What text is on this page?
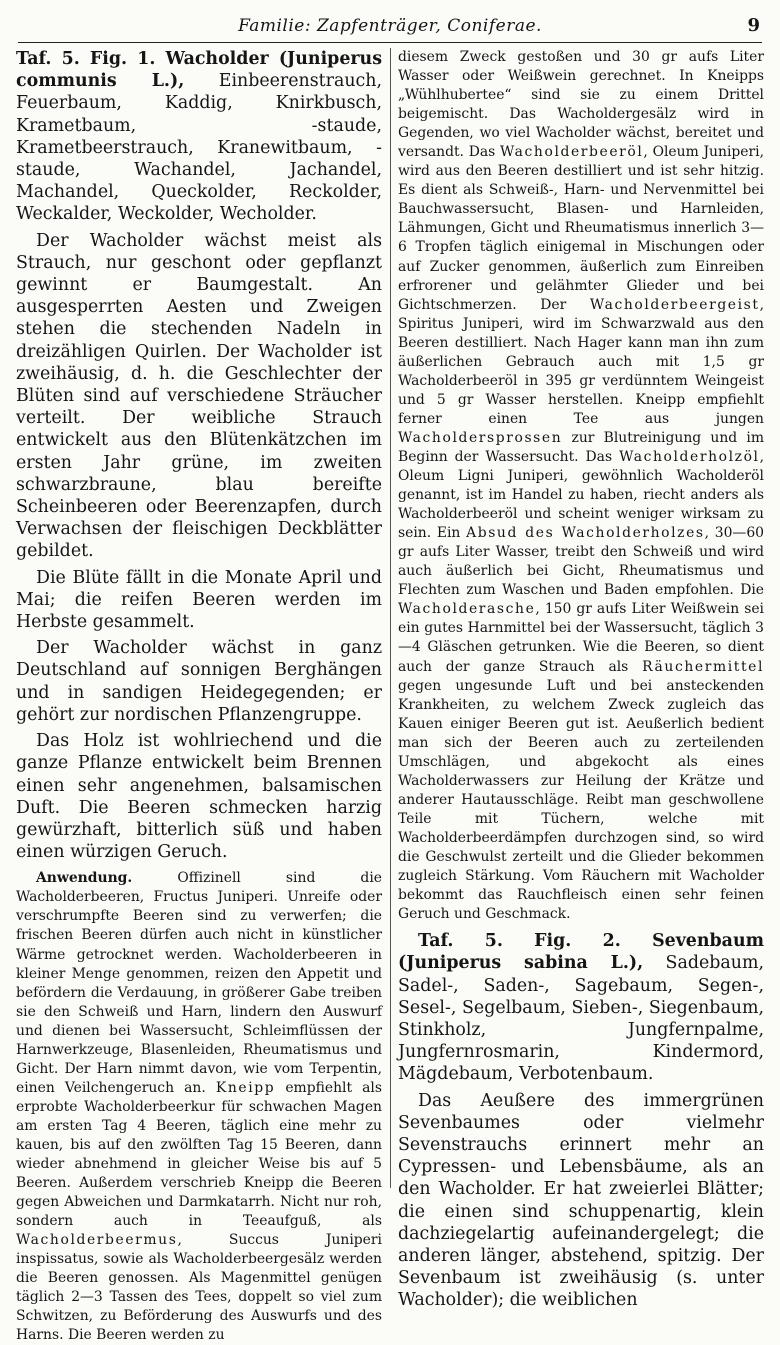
Familie: Zapfenträger, Coniferae.	9

Taf. 5. Fig. 1. Wacholder (Juniperus communis L.), Einbeerenstrauch, Feuerbaum, Kaddig, Knirkbusch, Krametbaum, -staude, Krametbeerstrauch, Kranewitbaum, -staude, Wachandel, Jachandel, Machandel, Queckolder, Reckolder, Weckalder, Weckolder, Wecholder.

Der Wacholder wächst meist als Strauch, nur geschont oder gepflanzt gewinnt er Baumgestalt. An ausgesperrten Aesten und Zweigen stehen die stechenden Nadeln in dreizähligen Quirlen. Der Wacholder ist zweihäusig, d. h. die Geschlechter der Blüten sind auf verschiedene Sträucher verteilt. Der weibliche Strauch entwickelt aus den Blütenkätzchen im ersten Jahr grüne, im zweiten schwarzbraune, blau bereifte Scheinbeeren oder Beerenzapfen, durch Verwachsen der fleischigen Deckblätter gebildet.

Die Blüte fällt in die Monate April und Mai; die reifen Beeren werden im Herbste gesammelt.

Der Wacholder wächst in ganz Deutschland auf sonnigen Berghängen und in sandigen Heidegegenden; er gehört zur nordischen Pflanzengruppe.

Das Holz ist wohlriechend und die ganze Pflanze entwickelt beim Brennen einen sehr angenehmen, balsamischen Duft. Die Beeren schmecken harzig gewürzhaft, bitterlich süß und haben einen würzigen Geruch.

Anwendung. Offizinell sind die Wacholderbeeren, Fructus Juniperi. Unreife oder verschrumpfte Beeren sind zu verwerfen; die frischen Beeren dürfen auch nicht in künstlicher Wärme getrocknet werden. Wacholderbeeren in kleiner Menge genommen, reizen den Appetit und befördern die Verdauung, in größerer Gabe treiben sie den Schweiß und Harn, lindern den Auswurf und dienen bei Wassersucht, Schleimflüssen der Harnwerkzeuge, Blasenleiden, Rheumatismus und Gicht. Der Harn nimmt davon, wie vom Terpentin, einen Veilchengeruch an. Kneipp empfiehlt als erprobte Wacholderbeerkur für schwachen Magen am ersten Tag 4 Beeren, täglich eine mehr zu kauen, bis auf den zwölften Tag 15 Beeren, dann wieder abnehmend in gleicher Weise bis auf 5 Beeren. Außerdem verschrieb Kneipp die Beeren gegen Abweichen und Darmkatarrh. Nicht nur roh, sondern auch in Teeaufguß, als Wacholderbeermus, Succus Juniperi inspissatus, sowie als Wacholderbeergesälz werden die Beeren genossen. Als Magenmittel genügen täglich 2—3 Tassen des Tees, doppelt so viel zum Schwitzen, zu Beförderung des Auswurfs und des Harns. Die Beeren werden zu

diesem Zweck gestoßen und 30 gr aufs Liter Wasser oder Weißwein gerechnet. In Kneipps „Wühlhubertee“ sind sie zu einem Drittel beigemischt. Das Wacholdergesälz wird in Gegenden, wo viel Wacholder wächst, bereitet und versandt. Das Wacholderbeeröl, Oleum Juniperi, wird aus den Beeren destilliert und ist sehr hitzig. Es dient als Schweiß-, Harn- und Nervenmittel bei Bauchwassersucht, Blasen- und Harnleiden, Lähmungen, Gicht und Rheumatismus innerlich 3—6 Tropfen täglich einigemal in Mischungen oder auf Zucker genommen, äußerlich zum Einreiben erfrorener und gelähmter Glieder und bei Gichtschmerzen. Der Wacholderbeergeist, Spiritus Juniperi, wird im Schwarzwald aus den Beeren destilliert. Nach Hager kann man ihn zum äußerlichen Gebrauch auch mit 1,5 gr Wacholderbeeröl in 395 gr verdünntem Weingeist und 5 gr Wasser herstellen. Kneipp empfiehlt ferner einen Tee aus jungen Wacholdersprossen zur Blutreinigung und im Beginn der Wassersucht. Das Wacholderholzöl, Oleum Ligni Juniperi, gewöhnlich Wacholderöl genannt, ist im Handel zu haben, riecht anders als Wacholderbeeröl und scheint weniger wirksam zu sein. Ein Absud des Wacholderholzes, 30—60 gr aufs Liter Wasser, treibt den Schweiß und wird auch äußerlich bei Gicht, Rheumatismus und Flechten zum Waschen und Baden empfohlen. Die Wacholderasche, 150 gr aufs Liter Weißwein sei ein gutes Harnmittel bei der Wassersucht, täglich 3—4 Gläschen getrunken. Wie die Beeren, so dient auch der ganze Strauch als Räuchermittel gegen ungesunde Luft und bei ansteckenden Krankheiten, zu welchem Zweck zugleich das Kauen einiger Beeren gut ist. Aeußerlich bedient man sich der Beeren auch zu zerteilenden Umschlägen, und abgekocht als eines Wacholderwassers zur Heilung der Krätze und anderer Hautausschläge. Reibt man geschwollene Teile mit Tüchern, welche mit Wacholderbeerdämpfen durchzogen sind, so wird die Geschwulst zerteilt und die Glieder bekommen zugleich Stärkung. Vom Räuchern mit Wacholder bekommt das Rauchfleisch einen sehr feinen Geruch und Geschmack.

Taf. 5. Fig. 2. Sevenbaum (Juniperus sabina L.), Sadebaum, Sadel-, Saden-, Sagebaum, Segen-, Sesel-, Segelbaum, Sieben-, Siegenbaum, Stinkholz, Jungfernpalme, Jungfernrosmarin, Kindermord, Mägdebaum, Verbotenbaum.

Das Aeußere des immergrünen Sevenbaumes oder vielmehr Sevenstrauchs erinnert mehr an Cypressen- und Lebensbäume, als an den Wacholder. Er hat zweierlei Blätter; die einen sind schuppenartig, klein dachziegelartig aufeinandergelegt; die anderen länger, abstehend, spitzig. Der Sevenbaum ist zweihäusig (s. unter Wacholder); die weiblichen
